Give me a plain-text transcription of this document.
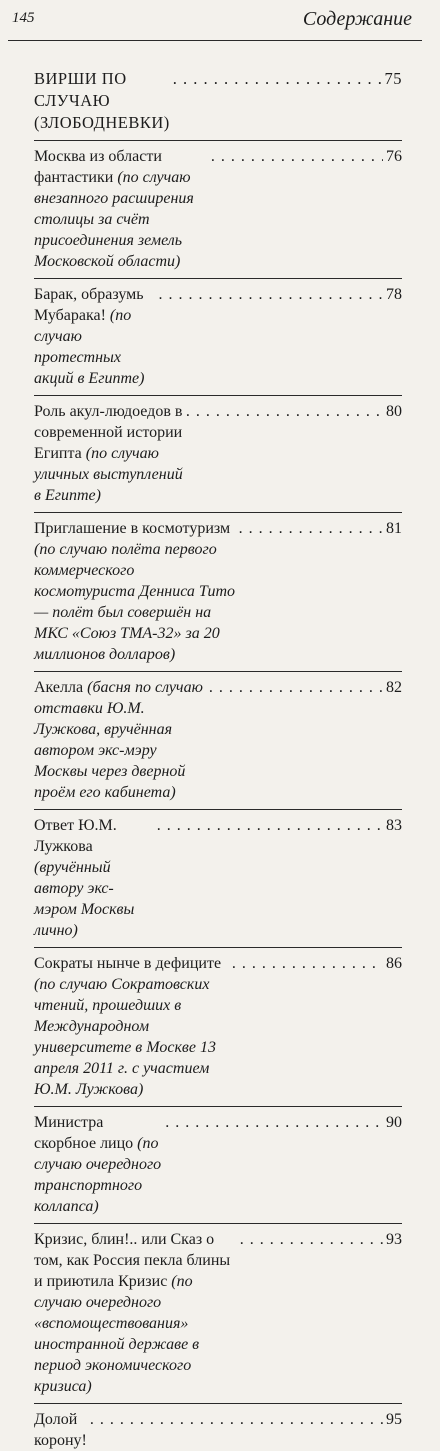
145	Содержание
ВИРШИ ПО СЛУЧАЮ (ЗЛОБОДНЕВКИ)
. . .
75
Москва из области фантастики (по случаю внезапного расширения столицы за счёт присоединения земель Московской области)
. . .
76
Барак, образумь Мубарака! (по случаю протестных акций в Египте)
. . .
78
Роль акул-людоедов в современной истории Египта (по случаю уличных выступлений в Египте)
. . .
80
Приглашение в космотуризм (по случаю полёта первого коммерческого космотуриста Денниса Тито — полёт был совершён на МКС «Союз ТМА-32» за 20 миллионов долларов)
. . .
81
Акелла (басня по случаю отставки Ю.М. Лужкова, вручённая автором экс-мэру Москвы через дверной проём его кабинета)
. . .
82
Ответ Ю.М. Лужкова (вручённый автору экс-мэром Москвы лично)
. . .
83
Сократы нынче в дефиците (по случаю Сократовских чтений, прошедших в Международном университете в Москве 13 апреля 2011 г. с участием Ю.М. Лужкова)
. . .
86
Министра скорбное лицо (по случаю очередного транспортного коллапса)
. . .
90
Кризис, блин!.. или Сказ о том, как Россия пекла блины и приютила Кризис (по случаю очередного «вспомоществования» иностранной державе в период экономического кризиса)
. . .
93
Долой корону!
. . .
95
